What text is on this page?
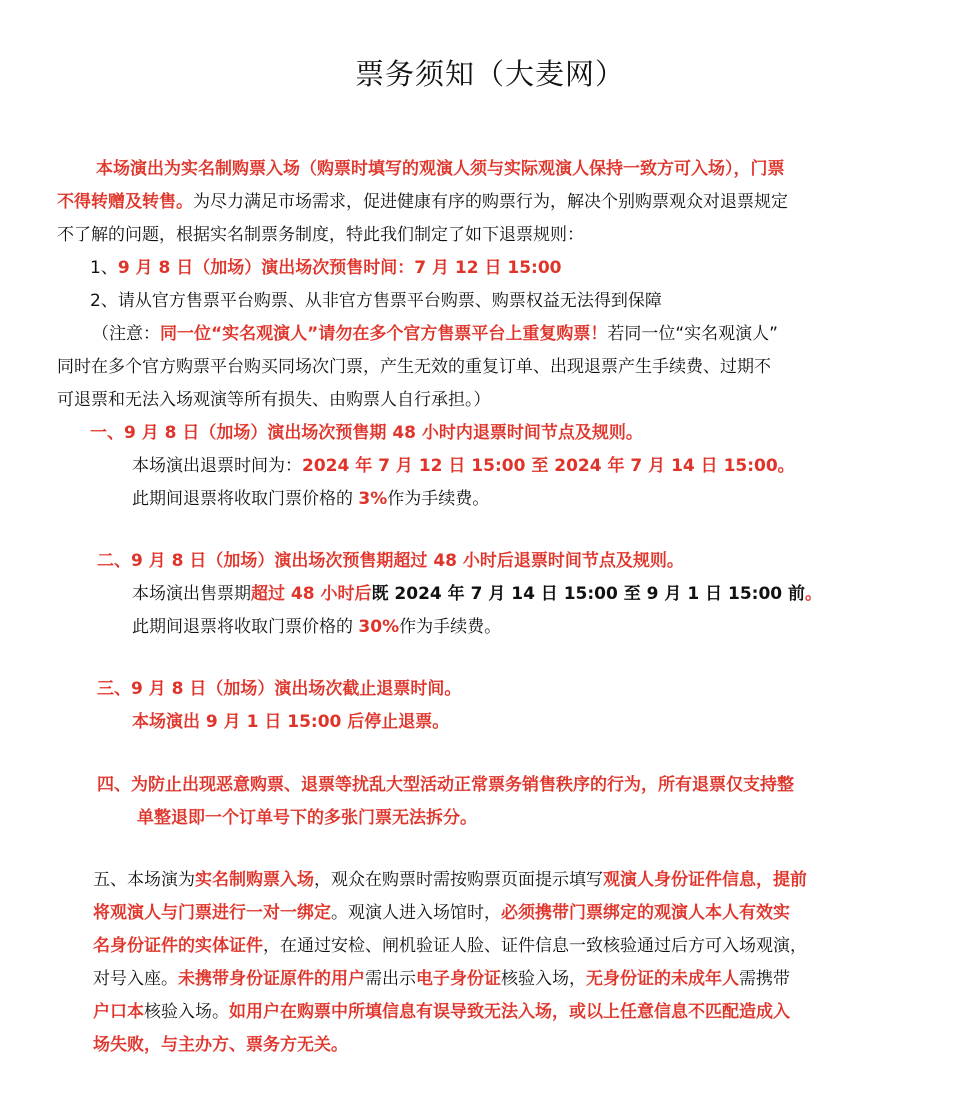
票务须知（大麦网）
本场演出为实名制购票入场（购票时填写的观演人须与实际观演人保持一致方可入场），门票
不得转赠及转售。为尽力满足市场需求，促进健康有序的购票行为，解决个别购票观众对退票规定
不了解的问题，根据实名制票务制度，特此我们制定了如下退票规则：
1、9 月 8 日（加场）演出场次预售时间：7 月 12 日 15:00
2、请从官方售票平台购票、从非官方售票平台购票、购票权益无法得到保障
（注意：同一位“实名观演人”请勿在多个官方售票平台上重复购票！若同一位“实名观演人”
同时在多个官方购票平台购买同场次门票，产生无效的重复订单、出现退票产生手续费、过期不
可退票和无法入场观演等所有损失、由购票人自行承担。）
一、9 月 8 日（加场）演出场次预售期 48 小时内退票时间节点及规则。
本场演出退票时间为：2024 年 7 月 12 日 15:00 至 2024 年 7 月 14 日 15:00。
此期间退票将收取门票价格的 3%作为手续费。
二、9 月 8 日（加场）演出场次预售期超过 48 小时后退票时间节点及规则。
本场演出售票期超过 48 小时后既 2024 年 7 月 14 日 15:00 至 9 月 1 日 15:00 前。
此期间退票将收取门票价格的 30%作为手续费。
三、9 月 8 日（加场）演出场次截止退票时间。
本场演出 9 月 1 日 15:00 后停止退票。
四、为防止出现恶意购票、退票等扰乱大型活动正常票务销售秩序的行为，所有退票仅支持整
单整退即一个订单号下的多张门票无法拆分。
五、本场演为实名制购票入场，观众在购票时需按购票页面提示填写观演人身份证件信息，提前
将观演人与门票进行一对一绑定。观演人进入场馆时，必须携带门票绑定的观演人本人有效实
名身份证件的实体证件，在通过安检、闸机验证人脸、证件信息一致核验通过后方可入场观演，
对号入座。未携带身份证原件的用户需出示电子身份证核验入场，无身份证的未成年人需携带
户口本核验入场。如用户在购票中所填信息有误导致无法入场，或以上任意信息不匹配造成入
场失败，与主办方、票务方无关。
